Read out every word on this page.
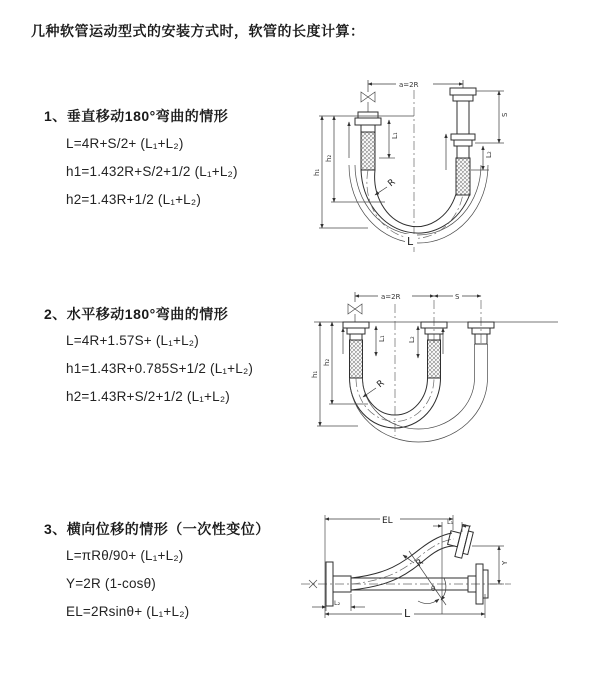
几种软管运动型式的安装方式时，软管的长度计算：
1、垂直移动180°弯曲的情形
L=4R+S/2+ (L₁+L₂)
h1=1.432R+S/2+1/2 (L₁+L₂)
h2=1.43R+1/2 (L₁+L₂)
2、水平移动180°弯曲的情形
L=4R+1.57S+ (L₁+L₂)
h1=1.43R+0.785S+1/2 (L₁+L₂)
h2=1.43R+S/2+1/2 (L₁+L₂)
3、横向位移的情形（一次性变位）
L=πRθ/90+ (L₁+L₂)
Y=2R (1-cosθ)
EL=2Rsinθ+ (L₁+L₂)
a=2R
R
L
h₁
h₂
L₁
S
L₂
a=2R	S
R
h₁
h₂
L₁	L₂
EL	L₁
Y
R
θ
L
L₂
